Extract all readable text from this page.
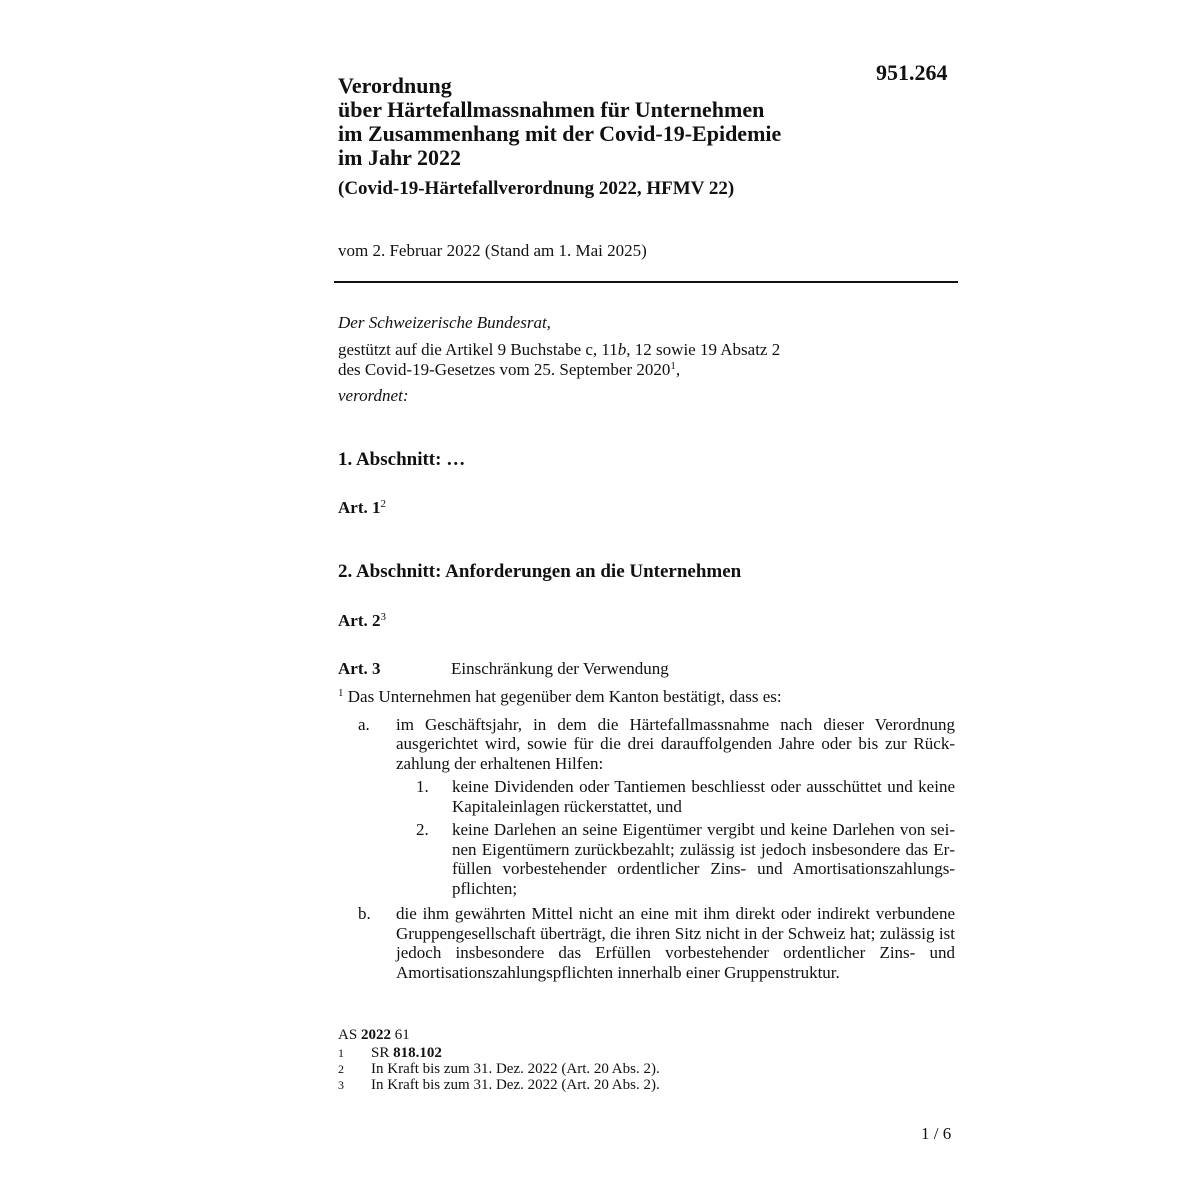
951.264
Verordnung
über Härtefallmassnahmen für Unternehmen
im Zusammenhang mit der Covid-19-Epidemie
im Jahr 2022
(Covid-19-Härtefallverordnung 2022, HFMV 22)
vom 2. Februar 2022 (Stand am 1. Mai 2025)
Der Schweizerische Bundesrat,
gestützt auf die Artikel 9 Buchstabe c, 11b, 12 sowie 19 Absatz 2
des Covid-19-Gesetzes vom 25. September 2020$^1$,
verordnet:
1. Abschnitt: …
Art. 1$^2$
2. Abschnitt: Anforderungen an die Unternehmen
Art. 2$^3$
Art. 3	Einschränkung der Verwendung
$^1$ Das Unternehmen hat gegenüber dem Kanton bestätigt, dass es:
a.	im Geschäftsjahr, in dem die Härtefallmassnahme nach dieser Verordnung ausgerichtet wird, sowie für die drei darauffolgenden Jahre oder bis zur Rückzahlung der erhaltenen Hilfen:
1.	keine Dividenden oder Tantiemen beschliesst oder ausschüttet und keine Kapitaleinlagen rückerstattet, und
2.	keine Darlehen an seine Eigentümer vergibt und keine Darlehen von seinen Eigentümern zurückbezahlt; zulässig ist jedoch insbesondere das Erfüllen vorbestehender ordentlicher Zins- und Amortisationszahlungspflichten;
b.	die ihm gewährten Mittel nicht an eine mit ihm direkt oder indirekt verbundene Gruppengesellschaft überträgt, die ihren Sitz nicht in der Schweiz hat; zulässig ist jedoch insbesondere das Erfüllen vorbestehender ordentlicher Zins- und Amortisationszahlungspflichten innerhalb einer Gruppenstruktur.
AS 2022 61
1	SR 818.102
2	In Kraft bis zum 31. Dez. 2022 (Art. 20 Abs. 2).
3	In Kraft bis zum 31. Dez. 2022 (Art. 20 Abs. 2).
1 / 6
